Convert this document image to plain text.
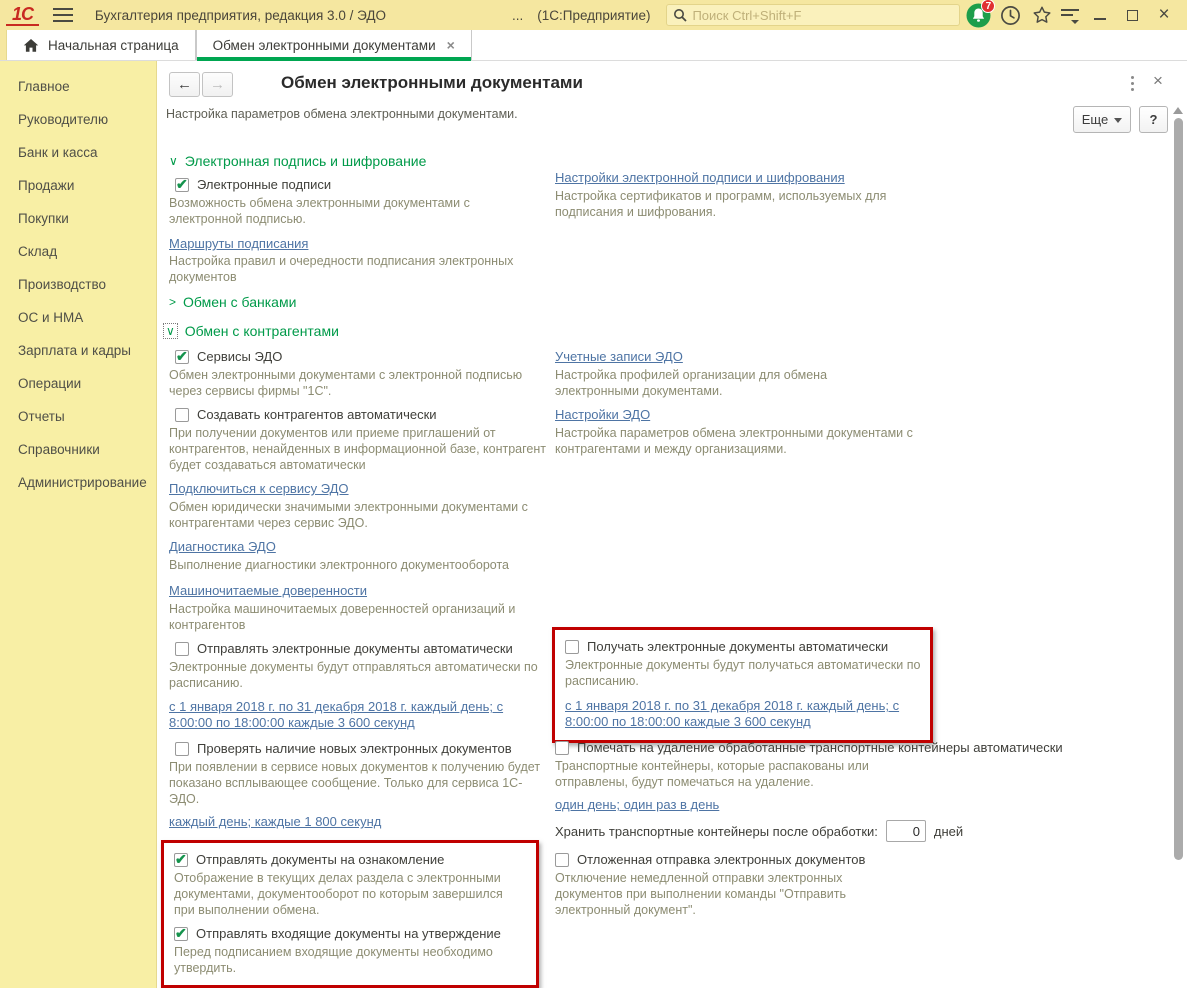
1С	Бухгалтерия предприятия, редакция 3.0 / ЭДО	... (1С:Предприятие)
Поиск Ctrl+Shift+F
7	×
Начальная страница	Обмен электронными документами ×
Главное
Руководителю
Банк и касса
Продажи
Покупки
Склад
Производство
ОС и НМА
Зарплата и кадры
Операции
Отчеты
Справочники
Администрирование
←	→	Обмен электронными документами	×
Настройка параметров обмена электронными документами.	Еще	?
∨ Электронная подпись и шифрование
✔
Электронные подписи
Возможность обмена электронными документами с электронной подписью.
Маршруты подписания
Настройка правил и очередности подписания электронных документов
> Обмен с банками
∨ Обмен с контрагентами
✔
Сервисы ЭДО
Обмен электронными документами с электронной подписью через сервисы фирмы "1С".
Создавать контрагентов автоматически
При получении документов или приеме приглашений от контрагентов, ненайденных в информационной базе, контрагент будет создаваться автоматически
Подключиться к сервису ЭДО
Обмен юридически значимыми электронными документами с контрагентами через сервис ЭДО.
Диагностика ЭДО
Выполнение диагностики электронного документооборота
Машиночитаемые доверенности
Настройка машиночитаемых доверенностей организаций и контрагентов
Отправлять электронные документы автоматически
Электронные документы будут отправляться автоматически по расписанию.
с 1 января 2018 г. по 31 декабря 2018 г. каждый день; с 8:00:00 по 18:00:00 каждые 3 600 секунд
Проверять наличие новых электронных документов
При появлении в сервисе новых документов к получению будет показано всплывающее сообщение. Только для сервиса 1С-ЭДО.
каждый день; каждые 1 800 секунд
✔
Отправлять документы на ознакомление
Отображение в текущих делах раздела с электронными документами, документооборот по которым завершился при выполнении обмена.
✔
Отправлять входящие документы на утверждение
Перед подписанием входящие документы необходимо утвердить.
Настройки электронной подписи и шифрования
Настройка сертификатов и программ, используемых для подписания и шифрования.
Учетные записи ЭДО
Настройка профилей организации для обмена электронными документами.
Настройки ЭДО
Настройка параметров обмена электронными документами с контрагентами и между организациями.
Получать электронные документы автоматически
Электронные документы будут получаться автоматически по расписанию.
с 1 января 2018 г. по 31 декабря 2018 г. каждый день; с 8:00:00 по 18:00:00 каждые 3 600 секунд
Помечать на удаление обработанные транспортные контейнеры автоматически
Транспортные контейнеры, которые распакованы или отправлены, будут помечаться на удаление.
один день; один раз в день
Хранить транспортные контейнеры после обработки:
0	дней
Отложенная отправка электронных документов
Отключение немедленной отправки электронных документов при выполнении команды "Отправить электронный документ".
